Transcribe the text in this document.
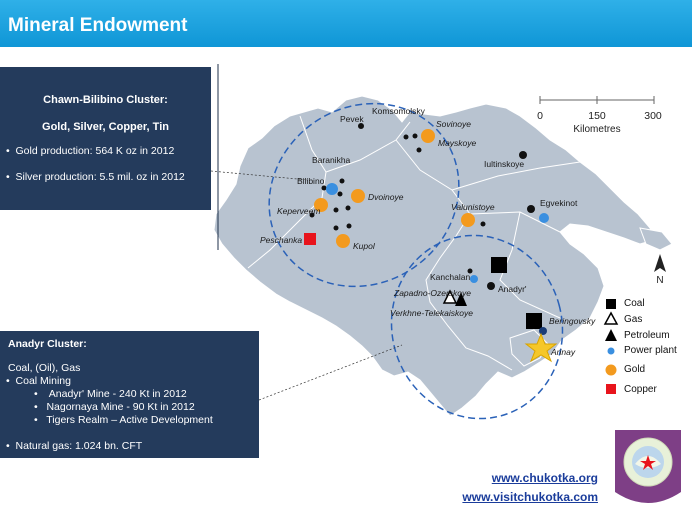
Mineral Endowment
0	150	300
Kilometres
N
Pevek
Komsomolsky
Sovinoye
Mayskoye
Iultinskoye
Baranikha
Bilibino
Dvoinoye
Keperveem
Egvekinot
Valunistoye
Peschanka
Kupol
Kanchalan
Anadyr'
Zapadno-Ozerskoye
Verkhne-Telekaiskoye
Beringovsky
Arinay
Coal
Gas
Petroleum
Power plant
Gold
Copper
Chawn-Bilibino Cluster:
Gold, Silver, Copper, Tin
•  Gold production: 564 K oz in 2012
•  Silver production: 5.5 mil. oz in 2012
Anadyr Cluster:
Coal, (Oil), Gas
•  Coal Mining
•    Anadyr' Mine - 240 Kt in 2012
•   Nagornaya Mine - 90 Kt in 2012
•   Tigers Realm – Active Development
•  Natural gas: 1.024 bn. CFT
www.chukotka.org
www.visitchukotka.com
